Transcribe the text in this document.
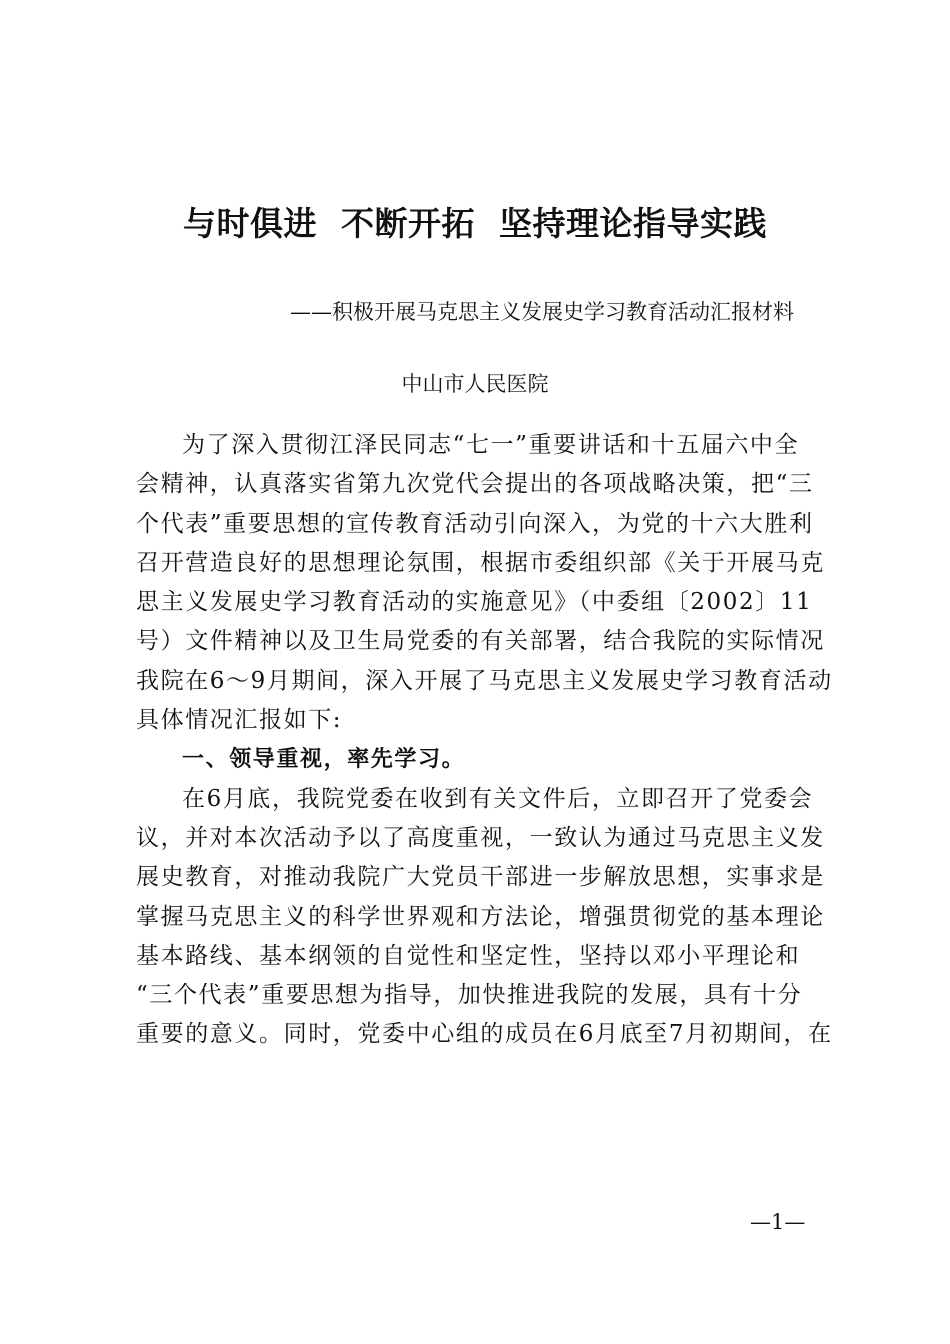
与时俱进  不断开拓  坚持理论指导实践
——积极开展马克思主义发展史学习教育活动汇报材料
中山市人民医院
为了深入贯彻江泽民同志“七一”重要讲话和十五届六中全
会精神，认真落实省第九次党代会提出的各项战略决策，把“三
个代表”重要思想的宣传教育活动引向深入，为党的十六大胜利
召开营造良好的思想理论氛围，根据市委组织部《关于开展马克
思主义发展史学习教育活动的实施意见》（中委组〔2002〕11
号）文件精神以及卫生局党委的有关部署，结合我院的实际情况
我院在6～9月期间，深入开展了马克思主义发展史学习教育活动
具体情况汇报如下:
一、领导重视，率先学习。
在6月底，我院党委在收到有关文件后，立即召开了党委会
议，并对本次活动予以了高度重视，一致认为通过马克思主义发
展史教育，对推动我院广大党员干部进一步解放思想，实事求是
掌握马克思主义的科学世界观和方法论，增强贯彻党的基本理论
基本路线、基本纲领的自觉性和坚定性，坚持以邓小平理论和
“三个代表”重要思想为指导，加快推进我院的发展，具有十分
重要的意义。同时，党委中心组的成员在6月底至7月初期间，在
—1—
